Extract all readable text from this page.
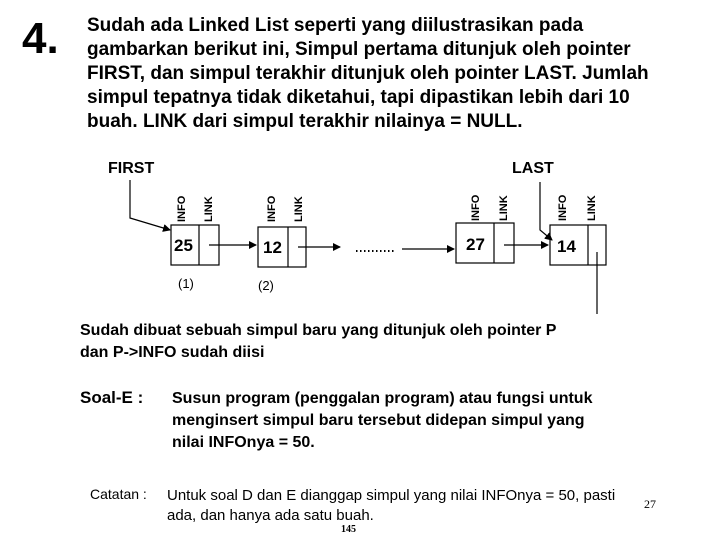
4. Sudah ada Linked List seperti yang diilustrasikan pada
gambarkan berikut ini, Simpul pertama ditunjuk oleh pointer
FIRST, dan simpul terakhir ditunjuk oleh pointer LAST. Jumlah
simpul tepatnya tidak diketahui, tapi dipastikan lebih dari 10
buah. LINK dari simpul terakhir nilainya = NULL.
FIRST	LAST
INFO LINK	INFO LINK	INFO LINK	INFO LINK
25	12	27	14
(1)	(2)
Sudah dibuat sebuah simpul baru yang ditunjuk oleh pointer P
dan P->INFO sudah diisi
Soal-E : Susun program (penggalan program) atau fungsi untuk
menginsert simpul baru tersebut didepan simpul yang
nilai INFOnya = 50.
Catatan : Untuk soal D dan E dianggap simpul yang nilai INFOnya = 50, pasti
ada, dan hanya ada satu buah.
27
145
